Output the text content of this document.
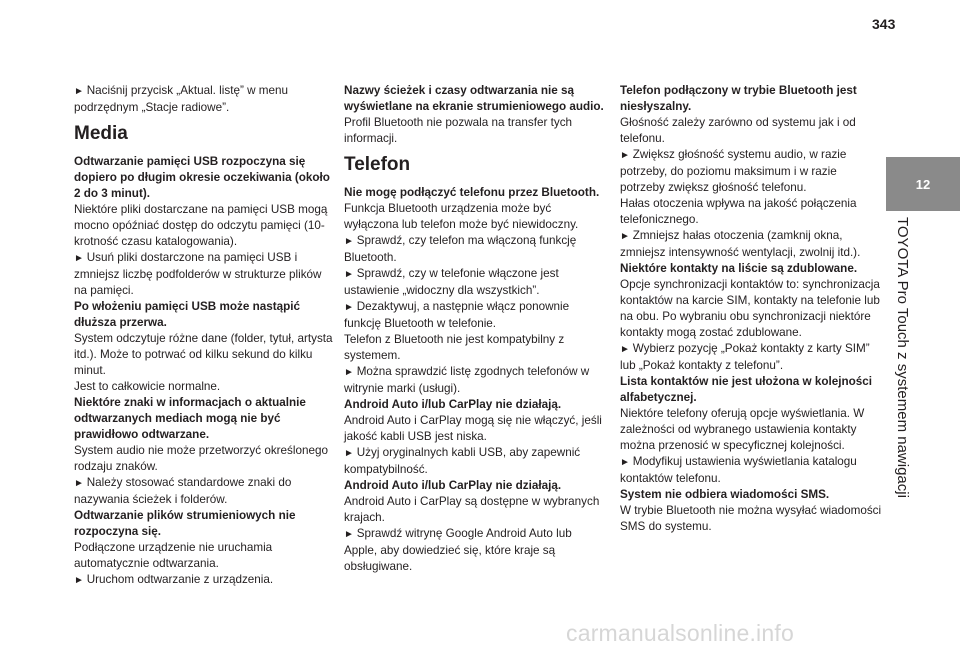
343
12
TOYOTA Pro Touch z systemem nawigacji

► Naciśnij przycisk „Aktual. listę” w menu podrzędnym „Stacje radiowe”.

Media

Odtwarzanie pamięci USB rozpoczyna się dopiero po długim okresie oczekiwania (około 2 do 3 minut).

Niektóre pliki dostarczane na pamięci USB mogą mocno opóźniać dostęp do odczytu pamięci (10-krotność czasu katalogowania).

► Usuń pliki dostarczone na pamięci USB i zmniejsz liczbę podfolderów w strukturze plików na pamięci.

Po włożeniu pamięci USB może nastąpić dłuższa przerwa.

System odczytuje różne dane (folder, tytuł, artysta itd.). Może to potrwać od kilku sekund do kilku minut.

Jest to całkowicie normalne.

Niektóre znaki w informacjach o aktualnie odtwarzanych mediach mogą nie być prawidłowo odtwarzane.

System audio nie może przetworzyć określonego rodzaju znaków.

► Należy stosować standardowe znaki do nazywania ścieżek i folderów.

Odtwarzanie plików strumieniowych nie rozpoczyna się.

Podłączone urządzenie nie uruchamia automatycznie odtwarzania.

► Uruchom odtwarzanie z urządzenia.

Nazwy ścieżek i czasy odtwarzania nie są wyświetlane na ekranie strumieniowego audio.

Profil Bluetooth nie pozwala na transfer tych informacji.

Telefon

Nie mogę podłączyć telefonu przez Bluetooth.

Funkcja Bluetooth urządzenia może być wyłączona lub telefon może być niewidoczny.

► Sprawdź, czy telefon ma włączoną funkcję Bluetooth.

► Sprawdź, czy w telefonie włączone jest ustawienie „widoczny dla wszystkich”.

► Dezaktywuj, a następnie włącz ponownie funkcję Bluetooth w telefonie.

Telefon z Bluetooth nie jest kompatybilny z systemem.

► Można sprawdzić listę zgodnych telefonów w witrynie marki (usługi).

Android Auto i/lub CarPlay nie działają.

Android Auto i CarPlay mogą się nie włączyć, jeśli jakość kabli USB jest niska.

► Użyj oryginalnych kabli USB, aby zapewnić kompatybilność.

Android Auto i/lub CarPlay nie działają.

Android Auto i CarPlay są dostępne w wybranych krajach.

► Sprawdź witrynę Google Android Auto lub Apple, aby dowiedzieć się, które kraje są obsługiwane.

Telefon podłączony w trybie Bluetooth jest niesłyszalny.

Głośność zależy zarówno od systemu jak i od telefonu.

► Zwiększ głośność systemu audio, w razie potrzeby, do poziomu maksimum i w razie potrzeby zwiększ głośność telefonu.

Hałas otoczenia wpływa na jakość połączenia telefonicznego.

► Zmniejsz hałas otoczenia (zamknij okna, zmniejsz intensywność wentylacji, zwolnij itd.).

Niektóre kontakty na liście są zdublowane.

Opcje synchronizacji kontaktów to: synchronizacja kontaktów na karcie SIM, kontakty na telefonie lub na obu. Po wybraniu obu synchronizacji niektóre kontakty mogą zostać zdublowane.

► Wybierz pozycję „Pokaż kontakty z karty SIM” lub „Pokaż kontakty z telefonu”.

Lista kontaktów nie jest ułożona w kolejności alfabetycznej.

Niektóre telefony oferują opcje wyświetlania. W zależności od wybranego ustawienia kontakty można przenosić w specyficznej kolejności.

► Modyfikuj ustawienia wyświetlania katalogu kontaktów telefonu.

System nie odbiera wiadomości SMS.

W trybie Bluetooth nie można wysyłać wiadomości SMS do systemu.

carmanualsonline.info
